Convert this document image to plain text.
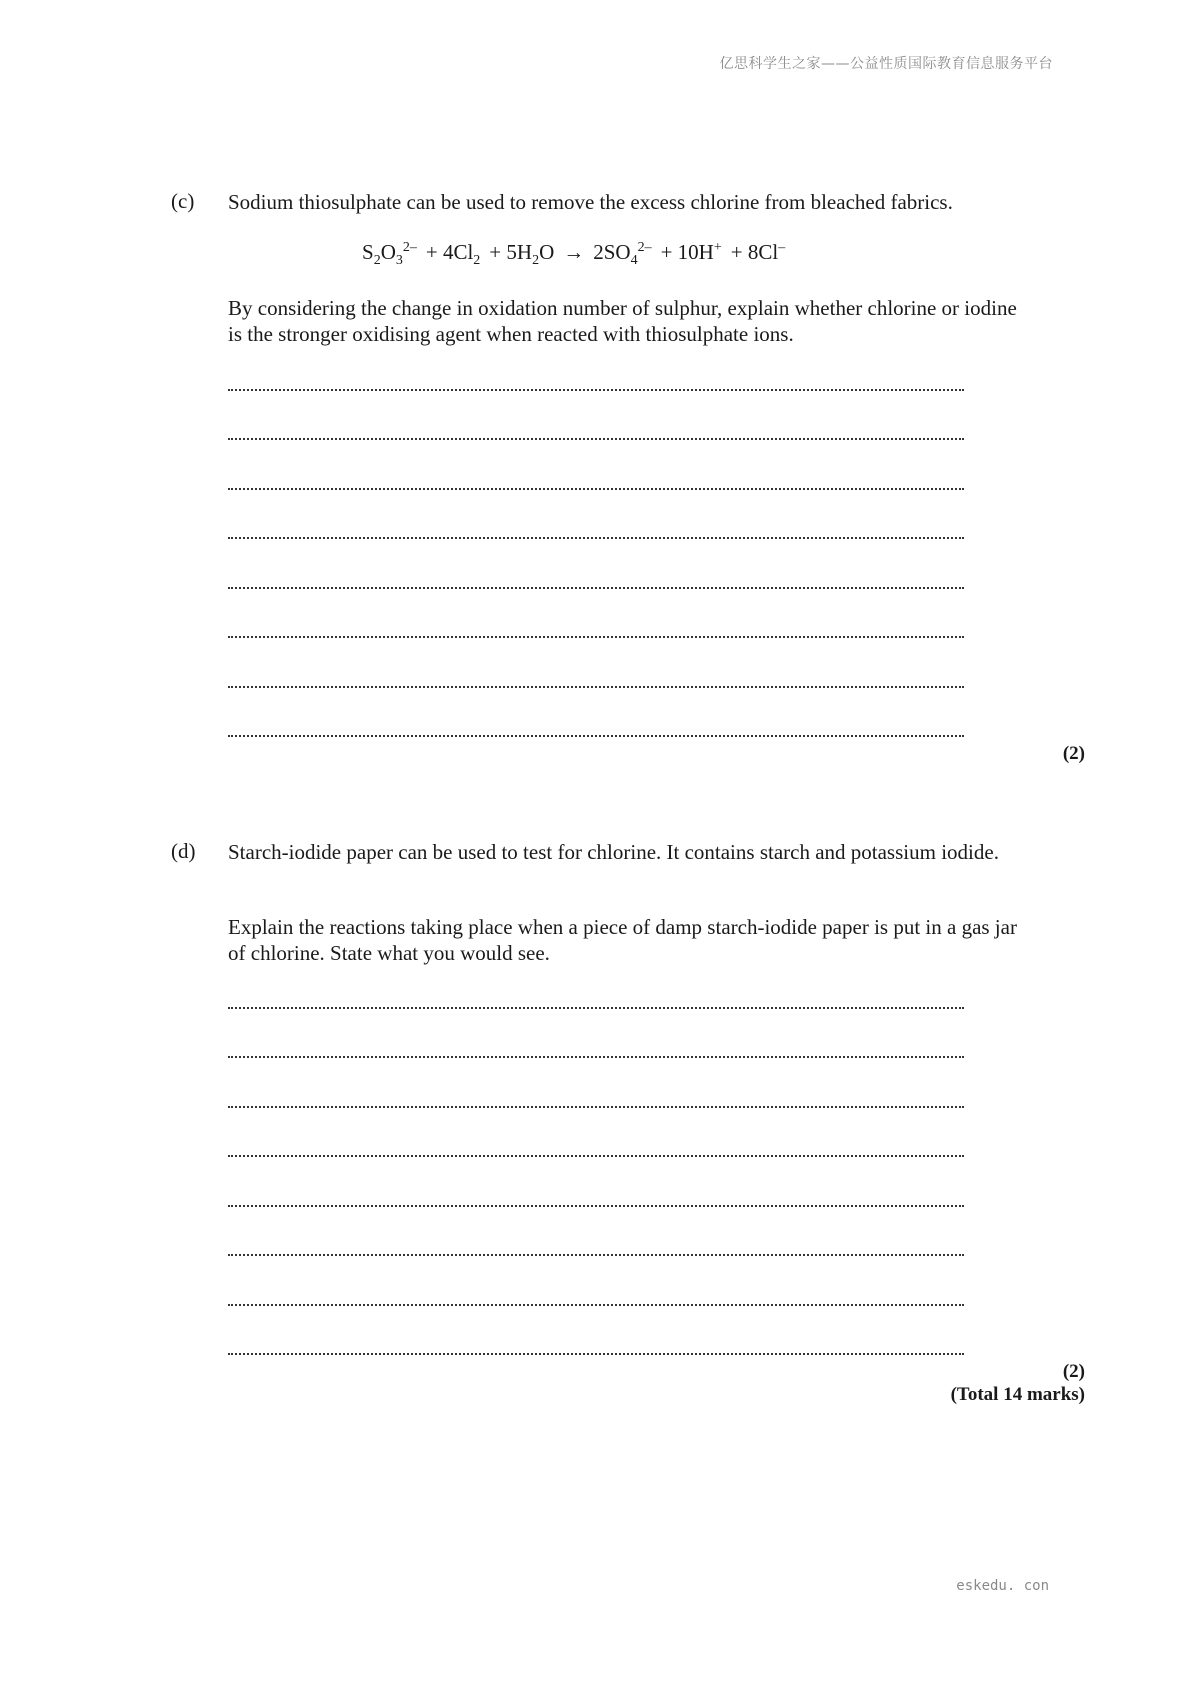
亿思科学生之家——公益性质国际教育信息服务平台
(c) Sodium thiosulphate can be used to remove the excess chlorine from bleached fabrics.
$S_2O_3^{2-} + 4Cl_2 + 5H_2O \to 2SO_4^{2-} + 10H^+ + 8Cl^-$
By considering the change in oxidation number of sulphur, explain whether chlorine or iodine is the stronger oxidising agent when reacted with thiosulphate ions.
(2)
(d) Starch-iodide paper can be used to test for chlorine. It contains starch and potassium iodide.
Explain the reactions taking place when a piece of damp starch-iodide paper is put in a gas jar of chlorine. State what you would see.
(2)
(Total 14 marks)
eskedu. con
